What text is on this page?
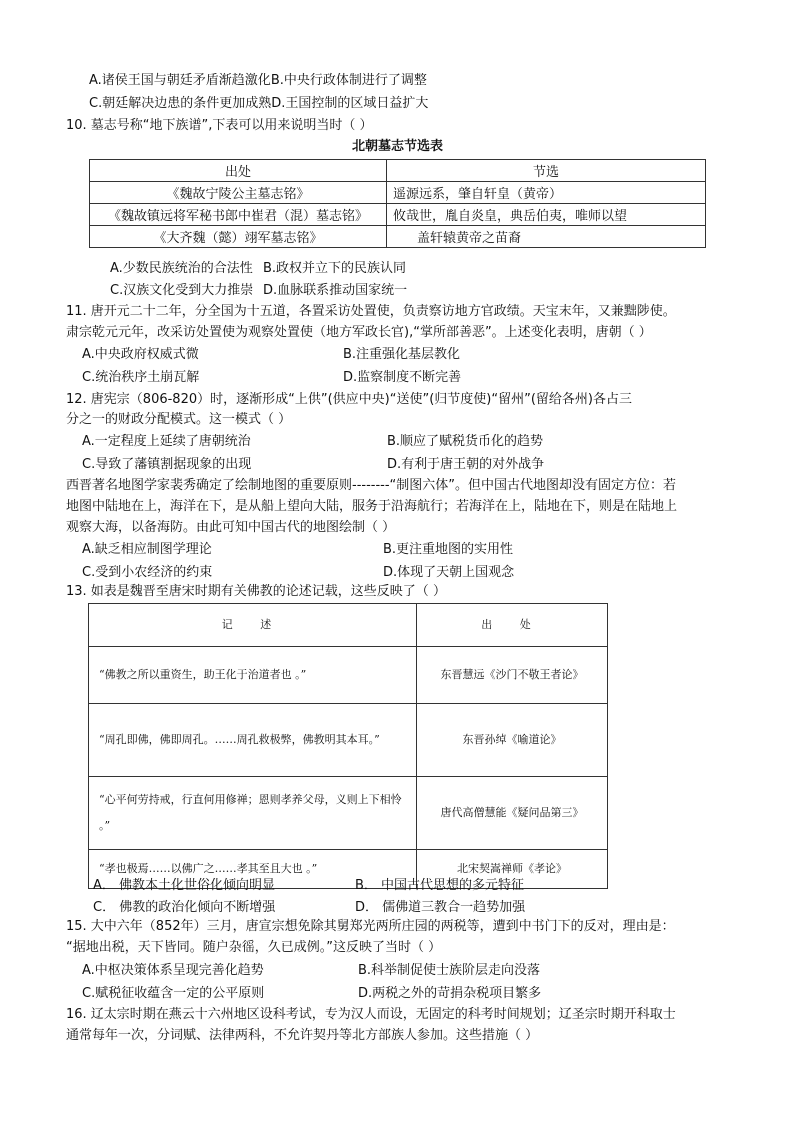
A.诸侯王国与朝廷矛盾渐趋激化B.中央行政体制进行了调整
C.朝廷解决边患的条件更加成熟D.王国控制的区域日益扩大
10. 墓志号称“地下族谱”,下表可以用来说明当时（ ）
北朝墓志节选表
出处	节选
《魏故宁陵公主墓志铭》	遥源远系，肇自轩皇（黄帝）
《魏故镇远将军秘书郎中崔君（混）墓志铭》	攸哉世，胤自炎皇，典岳伯夷，唯师以望
《大齐魏（懿）翊军墓志铭》	盖轩辕黄帝之苗裔
A.少数民族统治的合法性 B.政权并立下的民族认同
C.汉族文化受到大力推崇 D.血脉联系推动国家统一
11. 唐开元二十二年，分全国为十五道，各置采访处置使，负责察访地方官政绩。天宝末年，又兼黜陟使。
肃宗乾元元年，改采访处置使为观察处置使（地方军政长官),“掌所部善恶”。上述变化表明，唐朝（ ）
A.中央政府权威式微	B.注重强化基层教化
C.统治秩序土崩瓦解	D.监察制度不断完善
12. 唐宪宗（806-820）时，逐渐形成“上供”(供应中央)“送使”(归节度使)“留州”(留给各州)各占三
分之一的财政分配模式。这一模式（ ）
A.一定程度上延续了唐朝统治	B.顺应了赋税货币化的趋势
C.导致了藩镇割据现象的出现	D.有利于唐王朝的对外战争
西晋著名地图学家裴秀确定了绘制地图的重要原则--------“制图六体”。但中国古代地图却没有固定方位：若
地图中陆地在上，海洋在下，是从船上望向大陆，服务于沿海航行；若海洋在上，陆地在下，则是在陆地上
观察大海，以备海防。由此可知中国古代的地图绘制（ ）
A.缺乏相应制图学理论	B.更注重地图的实用性
C.受到小农经济的约束	D.体现了天朝上国观念
13. 如表是魏晋至唐宋时期有关佛教的论述记载，这些反映了（ ）
记 述	出 处
“佛教之所以重资生，助王化于治道者也 。”	东晋慧远《沙门不敬王者论》
“周孔即佛，佛即周孔。……周孔救极弊，佛教明其本耳。”	东晋孙绰《喻道论》
“心平何劳持戒，行直何用修禅；恩则孝养父母，义则上下相怜 。”	唐代高僧慧能《疑问品第三》
“孝也极焉……以佛广之……孝其至且大也 。”	北宋契嵩禅师《孝论》
A． 佛教本土化世俗化倾向明显	B． 中国古代思想的多元特征
C． 佛教的政治化倾向不断增强	D． 儒佛道三教合一趋势加强
15. 大中六年（852年）三月，唐宣宗想免除其舅郑光两所庄园的两税等，遭到中书门下的反对，理由是：
“据地出税，天下皆同。随户杂徭，久已成例。”这反映了当时（ ）
A.中枢决策体系呈现完善化趋势	B.科举制促使士族阶层走向没落
C.赋税征收蕴含一定的公平原则	D.两税之外的苛捐杂税项目繁多
16. 辽太宗时期在燕云十六州地区设科考试，专为汉人而设，无固定的科考时间规划；辽圣宗时期开科取士
通常每年一次，分词赋、法律两科，不允许契丹等北方部族人参加。这些措施（ ）
